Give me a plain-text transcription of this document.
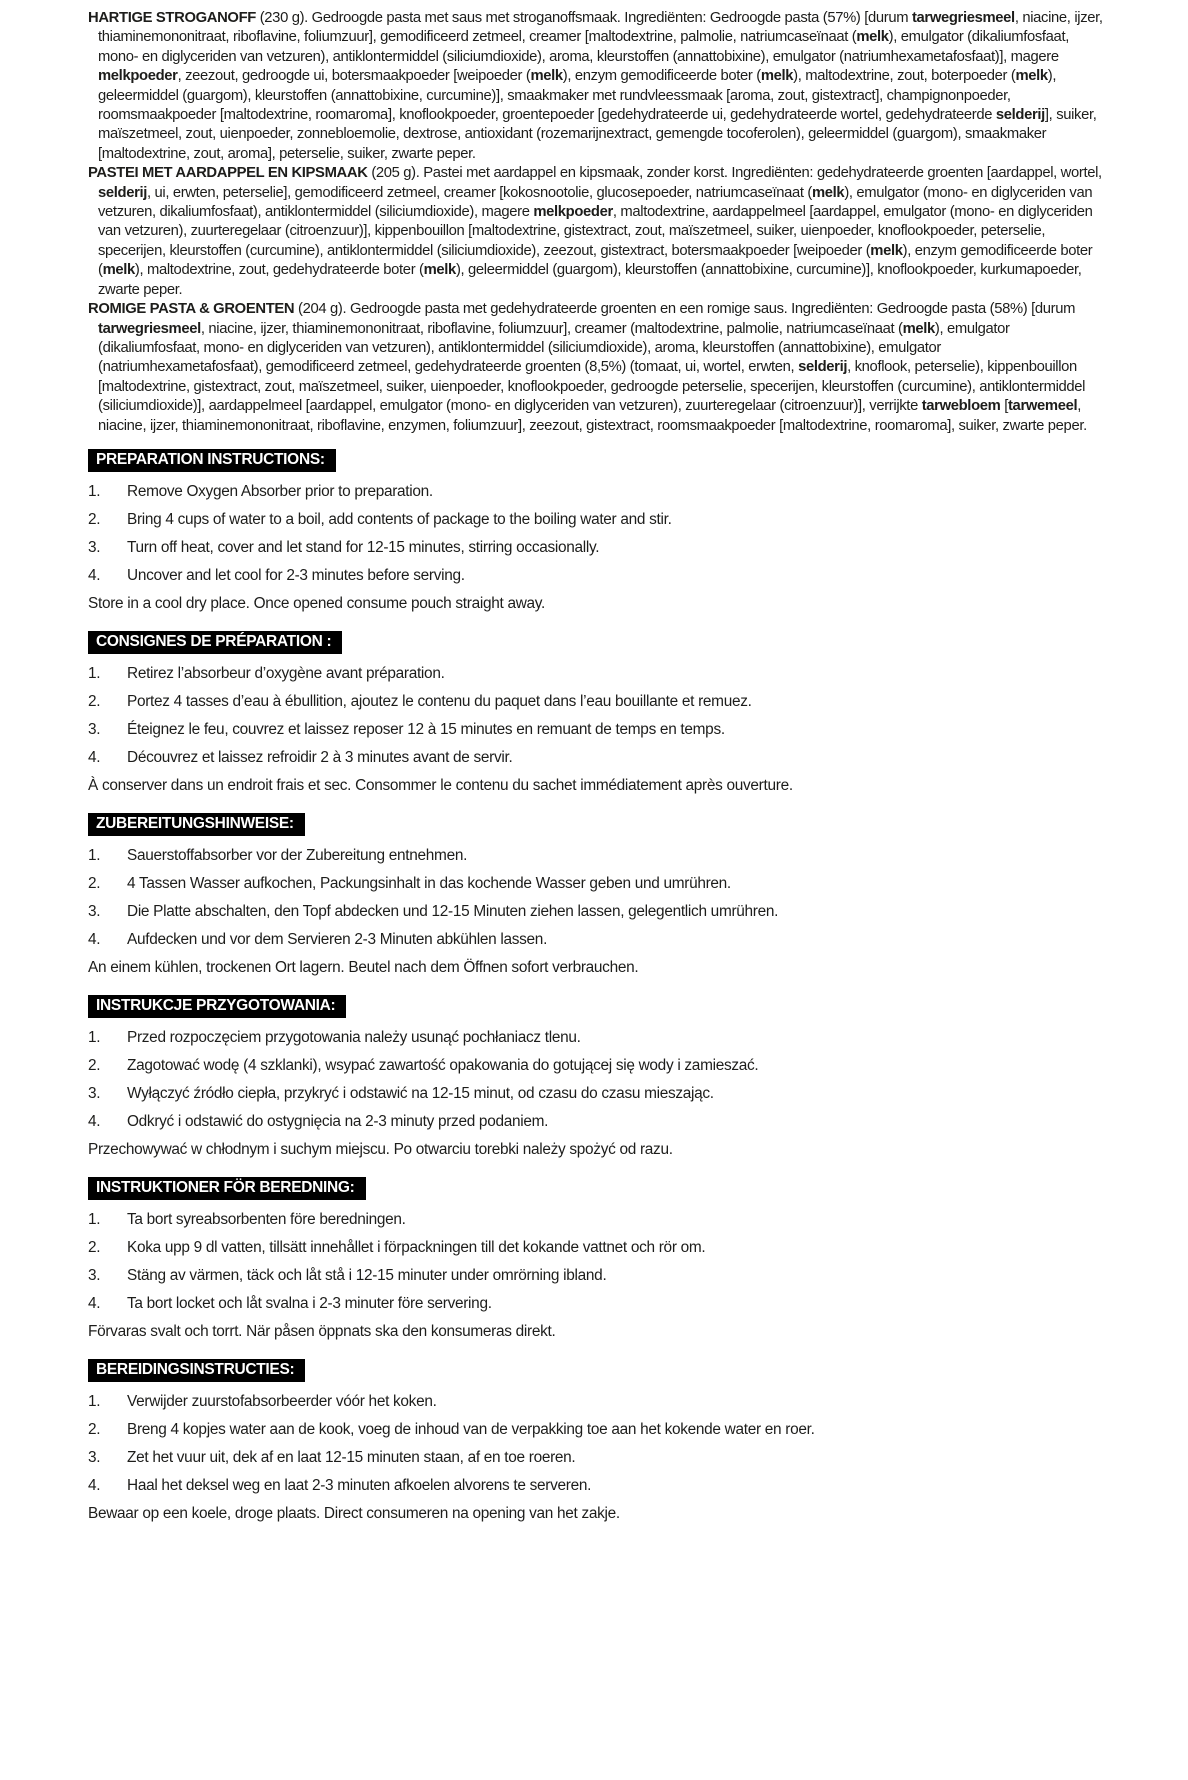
HARTIGE STROGANOFF (230 g). Gedroogde pasta met saus met stroganoffsmaak. Ingrediënten: Gedroogde pasta (57%) [durum tarwegriesmeel, niacine, ijzer, thiaminemononitraat, riboflavine, foliumzuur], gemodificeerd zetmeel, creamer [maltodextrine, palmolie, natriumcaseïnaat (melk), emulgator (dikaliumfosfaat, mono- en diglyceriden van vetzuren), antiklontermiddel (siliciumdioxide), aroma, kleurstoffen (annattobixine), emulgator (natriumhexametafosfaat)], magere melkpoeder, zeezout, gedroogde ui, botersmaakpoeder [weipoeder (melk), enzym gemodificeerde boter (melk), maltodextrine, zout, boterpoeder (melk), geleermiddel (guargom), kleurstoffen (annattobixine, curcumine)], smaakmaker met rundvleessmaak [aroma, zout, gistextract], champignonpoeder, roomsmaakpoeder [maltodextrine, roomaroma], knoflookpoeder, groentepoeder [gedehydrateerde ui, gedehydrateerde wortel, gedehydrateerde selderij], suiker, maïszetmeel, zout, uienpoeder, zonnebloemolie, dextrose, antioxidant (rozemarijnextract, gemengde tocoferolen), geleermiddel (guargom), smaakmaker [maltodextrine, zout, aroma], peterselie, suiker, zwarte peper.

PASTEI MET AARDAPPEL EN KIPSMAAK (205 g). Pastei met aardappel en kipsmaak, zonder korst. Ingrediënten: gedehydrateerde groenten [aardappel, wortel, selderij, ui, erwten, peterselie], gemodificeerd zetmeel, creamer [kokosnootolie, glucosepoeder, natriumcaseïnaat (melk), emulgator (mono- en diglyceriden van vetzuren, dikaliumfosfaat), antiklontermiddel (siliciumdioxide), magere melkpoeder, maltodextrine, aardappelmeel [aardappel, emulgator (mono- en diglyceriden van vetzuren), zuurteregelaar (citroenzuur)], kippenbouillon [maltodextrine, gistextract, zout, maïszetmeel, suiker, uienpoeder, knoflookpoeder, peterselie, specerijen, kleurstoffen (curcumine), antiklontermiddel (siliciumdioxide), zeezout, gistextract, botersmaakpoeder [weipoeder (melk), enzym gemodificeerde boter (melk), maltodextrine, zout, gedehydrateerde boter (melk), geleermiddel (guargom), kleurstoffen (annattobixine, curcumine)], knoflookpoeder, kurkumapoeder, zwarte peper.

ROMIGE PASTA & GROENTEN (204 g). Gedroogde pasta met gedehydrateerde groenten en een romige saus. Ingrediënten: Gedroogde pasta (58%) [durum tarwegriesmeel, niacine, ijzer, thiaminemononitraat, riboflavine, foliumzuur], creamer (maltodextrine, palmolie, natriumcaseïnaat (melk), emulgator (dikaliumfosfaat, mono- en diglyceriden van vetzuren), antiklontermiddel (siliciumdioxide), aroma, kleurstoffen (annattobixine), emulgator (natriumhexametafosfaat), gemodificeerd zetmeel, gedehydrateerde groenten (8,5%) (tomaat, ui, wortel, erwten, selderij, knoflook, peterselie), kippenbouillon [maltodextrine, gistextract, zout, maïszetmeel, suiker, uienpoeder, knoflookpoeder, gedroogde peterselie, specerijen, kleurstoffen (curcumine), antiklontermiddel (siliciumdioxide)], aardappelmeel [aardappel, emulgator (mono- en diglyceriden van vetzuren), zuurteregelaar (citroenzuur)], verrijkte tarwebloem [tarwemeel, niacine, ijzer, thiaminemononitraat, riboflavine, enzymen, foliumzuur], zeezout, gistextract, roomsmaakpoeder [maltodextrine, roomaroma], suiker, zwarte peper.

PREPARATION INSTRUCTIONS:
Remove Oxygen Absorber prior to preparation.
Bring 4 cups of water to a boil, add contents of package to the boiling water and stir.
Turn off heat, cover and let stand for 12-15 minutes, stirring occasionally.
Uncover and let cool for 2-3 minutes before serving.

Store in a cool dry place. Once opened consume pouch straight away.

CONSIGNES DE PRÉPARATION :
Retirez l’absorbeur d’oxygène avant préparation.
Portez 4 tasses d’eau à ébullition, ajoutez le contenu du paquet dans l’eau bouillante et remuez.
Éteignez le feu, couvrez et laissez reposer 12 à 15 minutes en remuant de temps en temps.
Découvrez et laissez refroidir 2 à 3 minutes avant de servir.

À conserver dans un endroit frais et sec. Consommer le contenu du sachet immédiatement après ouverture.

ZUBEREITUNGSHINWEISE:
Sauerstoffabsorber vor der Zubereitung entnehmen.
4 Tassen Wasser aufkochen, Packungsinhalt in das kochende Wasser geben und umrühren.
Die Platte abschalten, den Topf abdecken und 12-15 Minuten ziehen lassen, gelegentlich umrühren.
Aufdecken und vor dem Servieren 2-3 Minuten abkühlen lassen.

An einem kühlen, trockenen Ort lagern. Beutel nach dem Öffnen sofort verbrauchen.

INSTRUKCJE PRZYGOTOWANIA:
Przed rozpoczęciem przygotowania należy usunąć pochłaniacz tlenu.
Zagotować wodę (4 szklanki), wsypać zawartość opakowania do gotującej się wody i zamieszać.
Wyłączyć źródło ciepła, przykryć i odstawić na 12-15 minut, od czasu do czasu mieszając.
Odkryć i odstawić do ostygnięcia na 2-3 minuty przed podaniem.

Przechowywać w chłodnym i suchym miejscu. Po otwarciu torebki należy spożyć od razu.

INSTRUKTIONER FÖR BEREDNING:
Ta bort syreabsorbenten före beredningen.
Koka upp 9 dl vatten, tillsätt innehållet i förpackningen till det kokande vattnet och rör om.
Stäng av värmen, täck och låt stå i 12-15 minuter under omrörning ibland.
Ta bort locket och låt svalna i 2-3 minuter före servering.

Förvaras svalt och torrt. När påsen öppnats ska den konsumeras direkt.

BEREIDINGSINSTRUCTIES:
Verwijder zuurstofabsorbeerder vóór het koken.
Breng 4 kopjes water aan de kook, voeg de inhoud van de verpakking toe aan het kokende water en roer.
Zet het vuur uit, dek af en laat 12-15 minuten staan, af en toe roeren.
Haal het deksel weg en laat 2-3 minuten afkoelen alvorens te serveren.

Bewaar op een koele, droge plaats. Direct consumeren na opening van het zakje.
